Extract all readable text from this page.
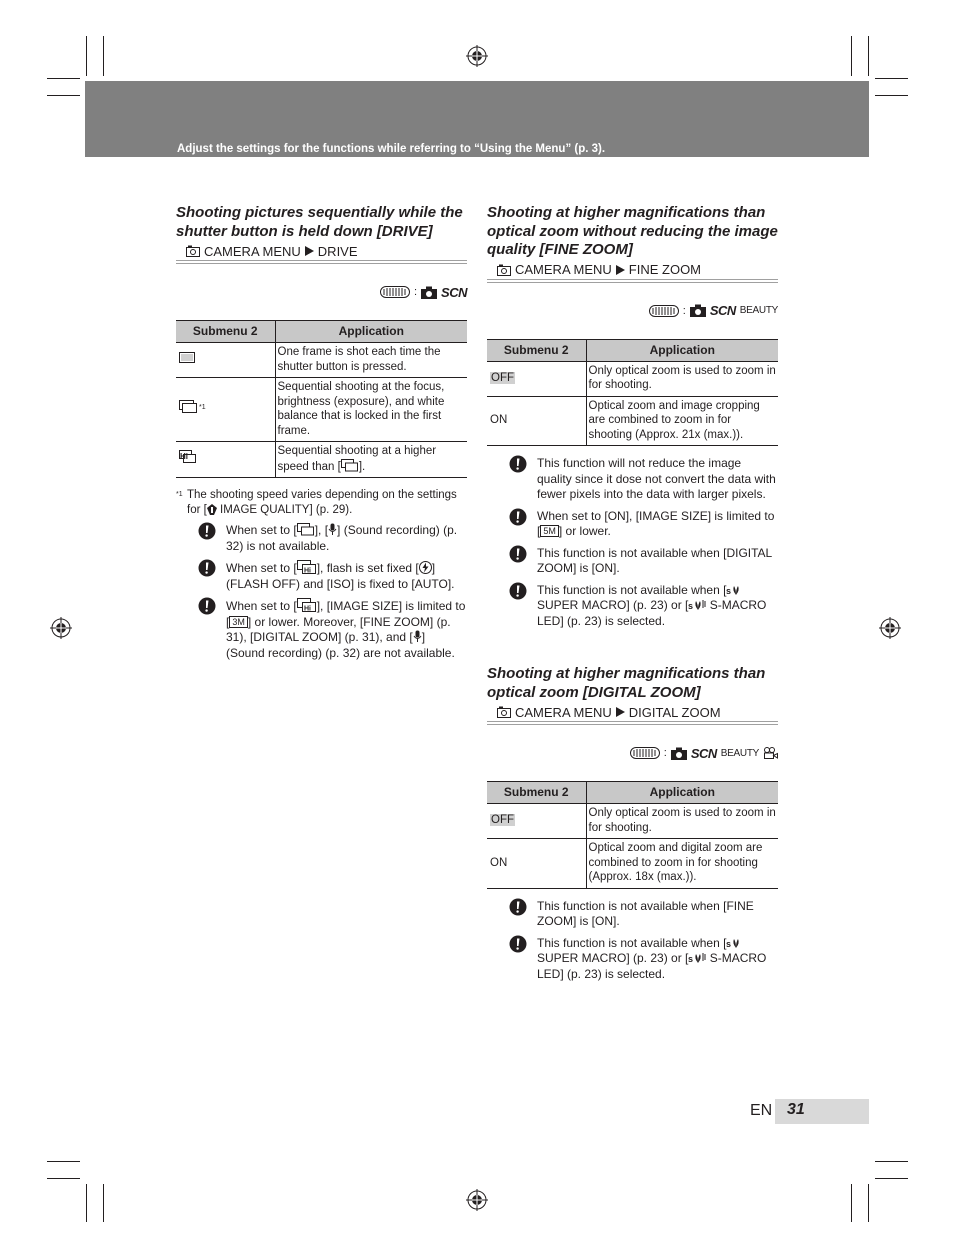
Adjust the settings for the functions while referring to “Using the Menu” (p. 3).
Shooting pictures sequentially while the shutter button is held down [DRIVE]
CAMERA MENU DRIVE
: SCN
Submenu 2	Application
	One frame is shot each time the shutter button is pressed.
$^{*1}$	Sequential shooting at the focus, brightness (exposure), and white balance that is locked in the first frame.

Hi	Sequential shooting at a higher speed than [ ].
*1 The shooting speed varies depending on the settings for [ IMAGE QUALITY] (p. 29).
When set to [ ], [ ] (Sound recording) (p. 32) is not available.
When set to [ Hi ], flash is set fixed [ ] (FLASH OFF) and [ISO] is fixed to [AUTO].
When set to [ Hi ], [IMAGE SIZE] is limited to [ 3M ] or lower. Moreover, [FINE ZOOM] (p. 31), [DIGITAL ZOOM] (p. 31), and [ ] (Sound recording) (p. 32) are not available.
Shooting at higher magnifications than optical zoom without reducing the image quality [FINE ZOOM]
CAMERA MENU FINE ZOOM
: SCN BEAUTY
Submenu 2	Application
OFF	Only optical zoom is used to zoom in for shooting.
ON	Optical zoom and image cropping are combined to zoom in for shooting (Approx. 21x (max.)).
This function will not reduce the image quality since it dose not convert the data with fewer pixels into the data with larger pixels.
When set to [ON], [IMAGE SIZE] is limited to [ 5M ] or lower.
This function is not available when [DIGITAL ZOOM] is [ON].
This function is not available when [ s
SUPER MACRO] (p. 23) or [ s S-MACRO LED] (p. 23) is selected.
Shooting at higher magnifications than optical zoom [DIGITAL ZOOM]
CAMERA MENU DIGITAL ZOOM
: SCN BEAUTY
Submenu 2	Application
OFF	Only optical zoom is used to zoom in for shooting.
ON	Optical zoom and digital zoom are combined to zoom in for shooting (Approx. 18x (max.)).
This function is not available when [FINE ZOOM] is [ON].
This function is not available when [ s
SUPER MACRO] (p. 23) or [ s S-MACRO LED] (p. 23) is selected.
EN 31
